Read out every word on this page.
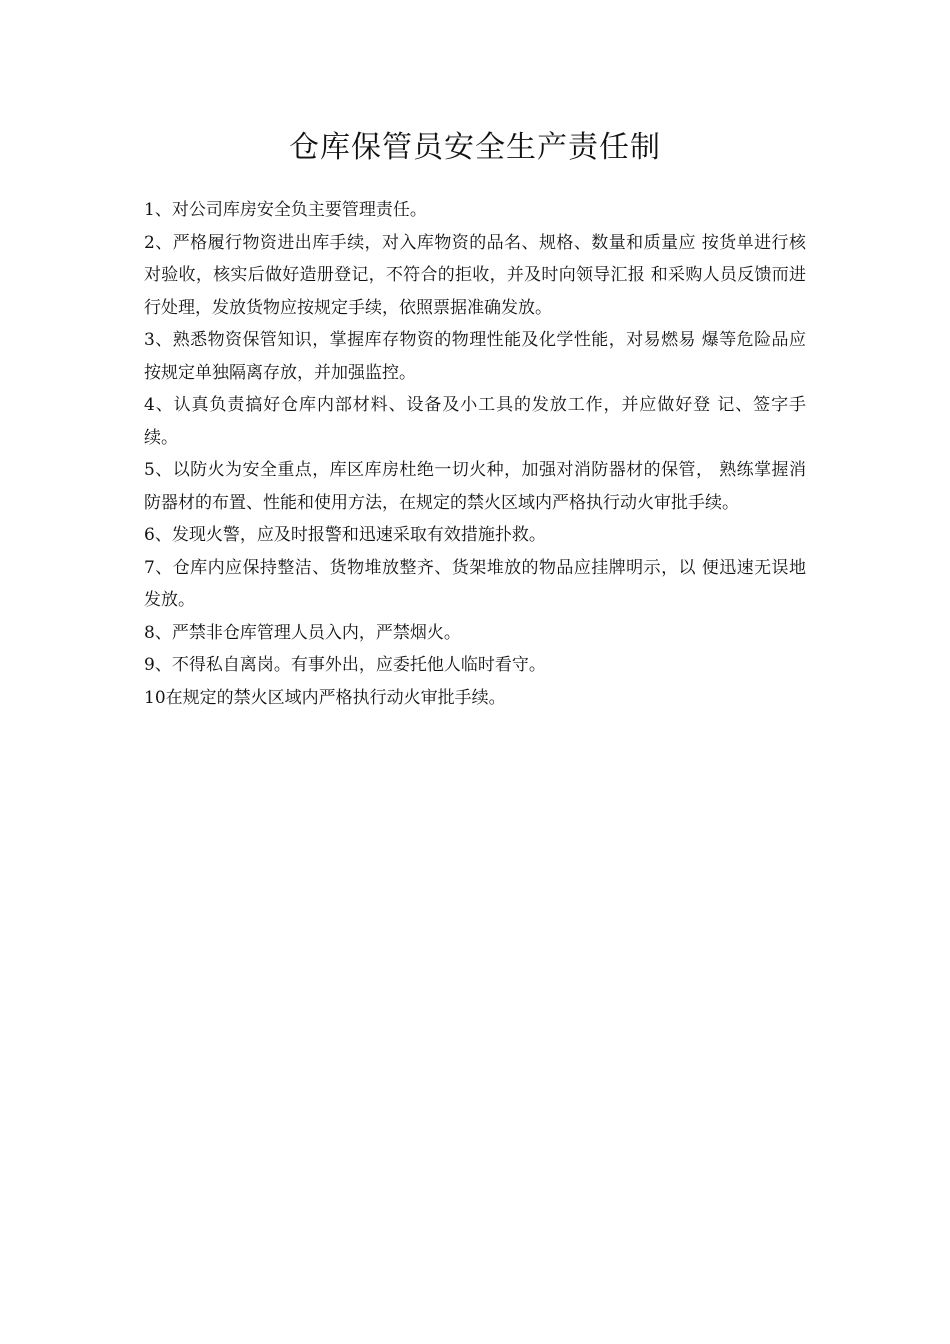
仓库保管员安全生产责任制

1、对公司库房安全负主要管理责任。

2、严格履行物资进出库手续，对入库物资的品名、规格、数量和质量应 按货单进行核对验收，核实后做好造册登记，不符合的拒收，并及时向领导汇报 和采购人员反馈而进行处理，发放货物应按规定手续，依照票据准确发放。

3、熟悉物资保管知识，掌握库存物资的物理性能及化学性能，对易燃易 爆等危险品应按规定单独隔离存放，并加强监控。

4、认真负责搞好仓库内部材料、设备及小工具的发放工作，并应做好登 记、签字手续。

5、以防火为安全重点，库区库房杜绝一切火种，加强对消防器材的保管， 熟练掌握消防器材的布置、性能和使用方法，在规定的禁火区域内严格执行动火审批手续。

6、发现火警，应及时报警和迅速采取有效措施扑救。

7、仓库内应保持整洁、货物堆放整齐、货架堆放的物品应挂牌明示，以 便迅速无误地发放。

8、严禁非仓库管理人员入内，严禁烟火。

9、不得私自离岗。有事外出，应委托他人临时看守。

10在规定的禁火区域内严格执行动火审批手续。
